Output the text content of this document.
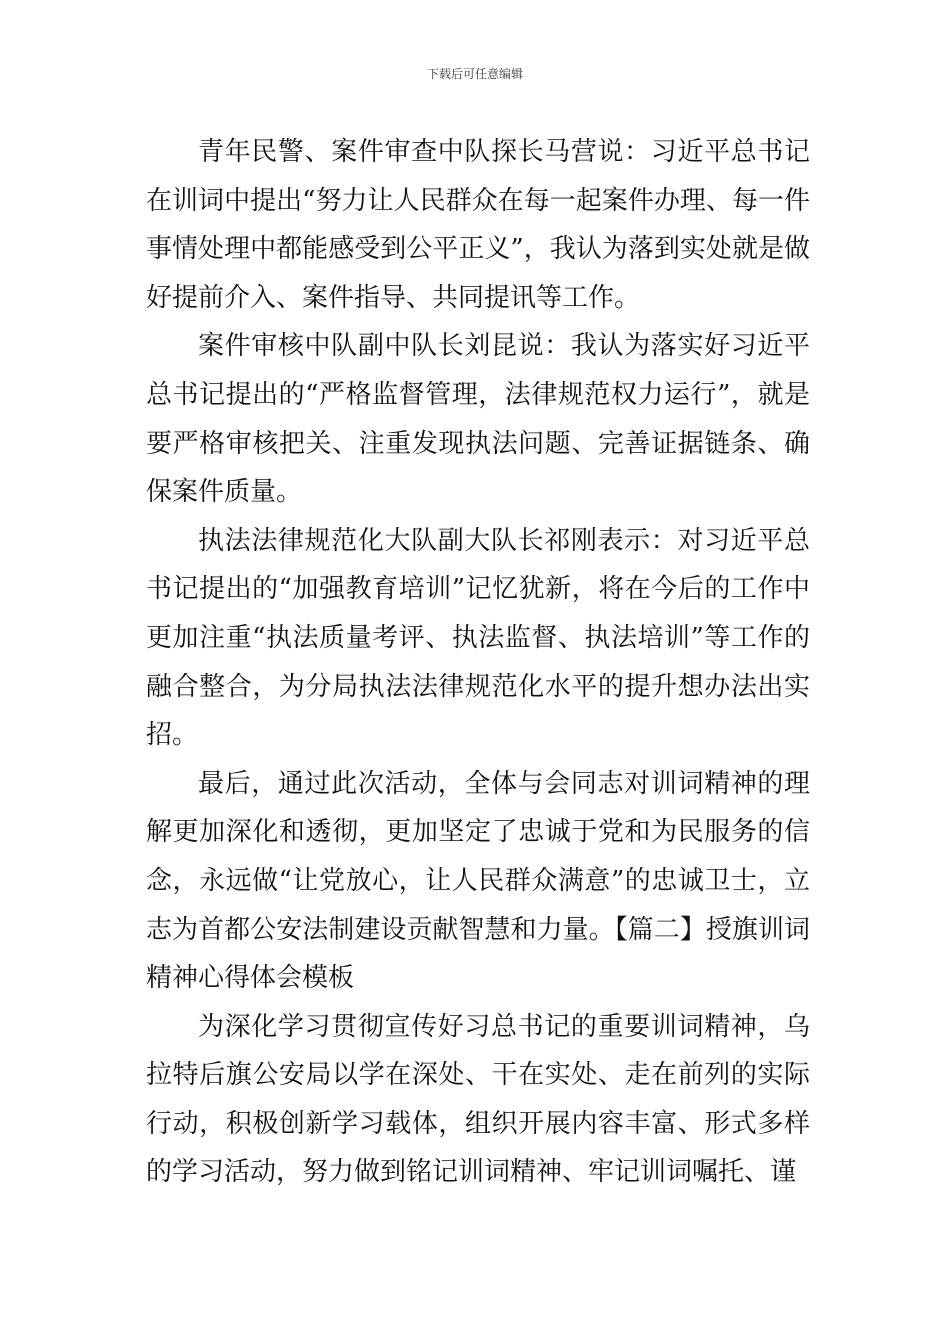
下载后可任意编辑

青年民警、案件审查中队探长马营说：习近平总书记在训词中提出“努力让人民群众在每一起案件办理、每一件事情处理中都能感受到公平正义”，我认为落到实处就是做好提前介入、案件指导、共同提讯等工作。

案件审核中队副中队长刘昆说：我认为落实好习近平总书记提出的“严格监督管理，法律规范权力运行”，就是要严格审核把关、注重发现执法问题、完善证据链条、确保案件质量。

执法法律规范化大队副大队长祁刚表示：对习近平总书记提出的“加强教育培训”记忆犹新，将在今后的工作中更加注重“执法质量考评、执法监督、执法培训”等工作的融合整合，为分局执法法律规范化水平的提升想办法出实招。

最后，通过此次活动，全体与会同志对训词精神的理解更加深化和透彻，更加坚定了忠诚于党和为民服务的信念，永远做“让党放心，让人民群众满意”的忠诚卫士，立志为首都公安法制建设贡献智慧和力量。【篇二】授旗训词精神心得体会模板

为深化学习贯彻宣传好习总书记的重要训词精神，乌拉特后旗公安局以学在深处、干在实处、走在前列的实际行动，积极创新学习载体，组织开展内容丰富、形式多样的学习活动，努力做到铭记训词精神、牢记训词嘱托、谨
